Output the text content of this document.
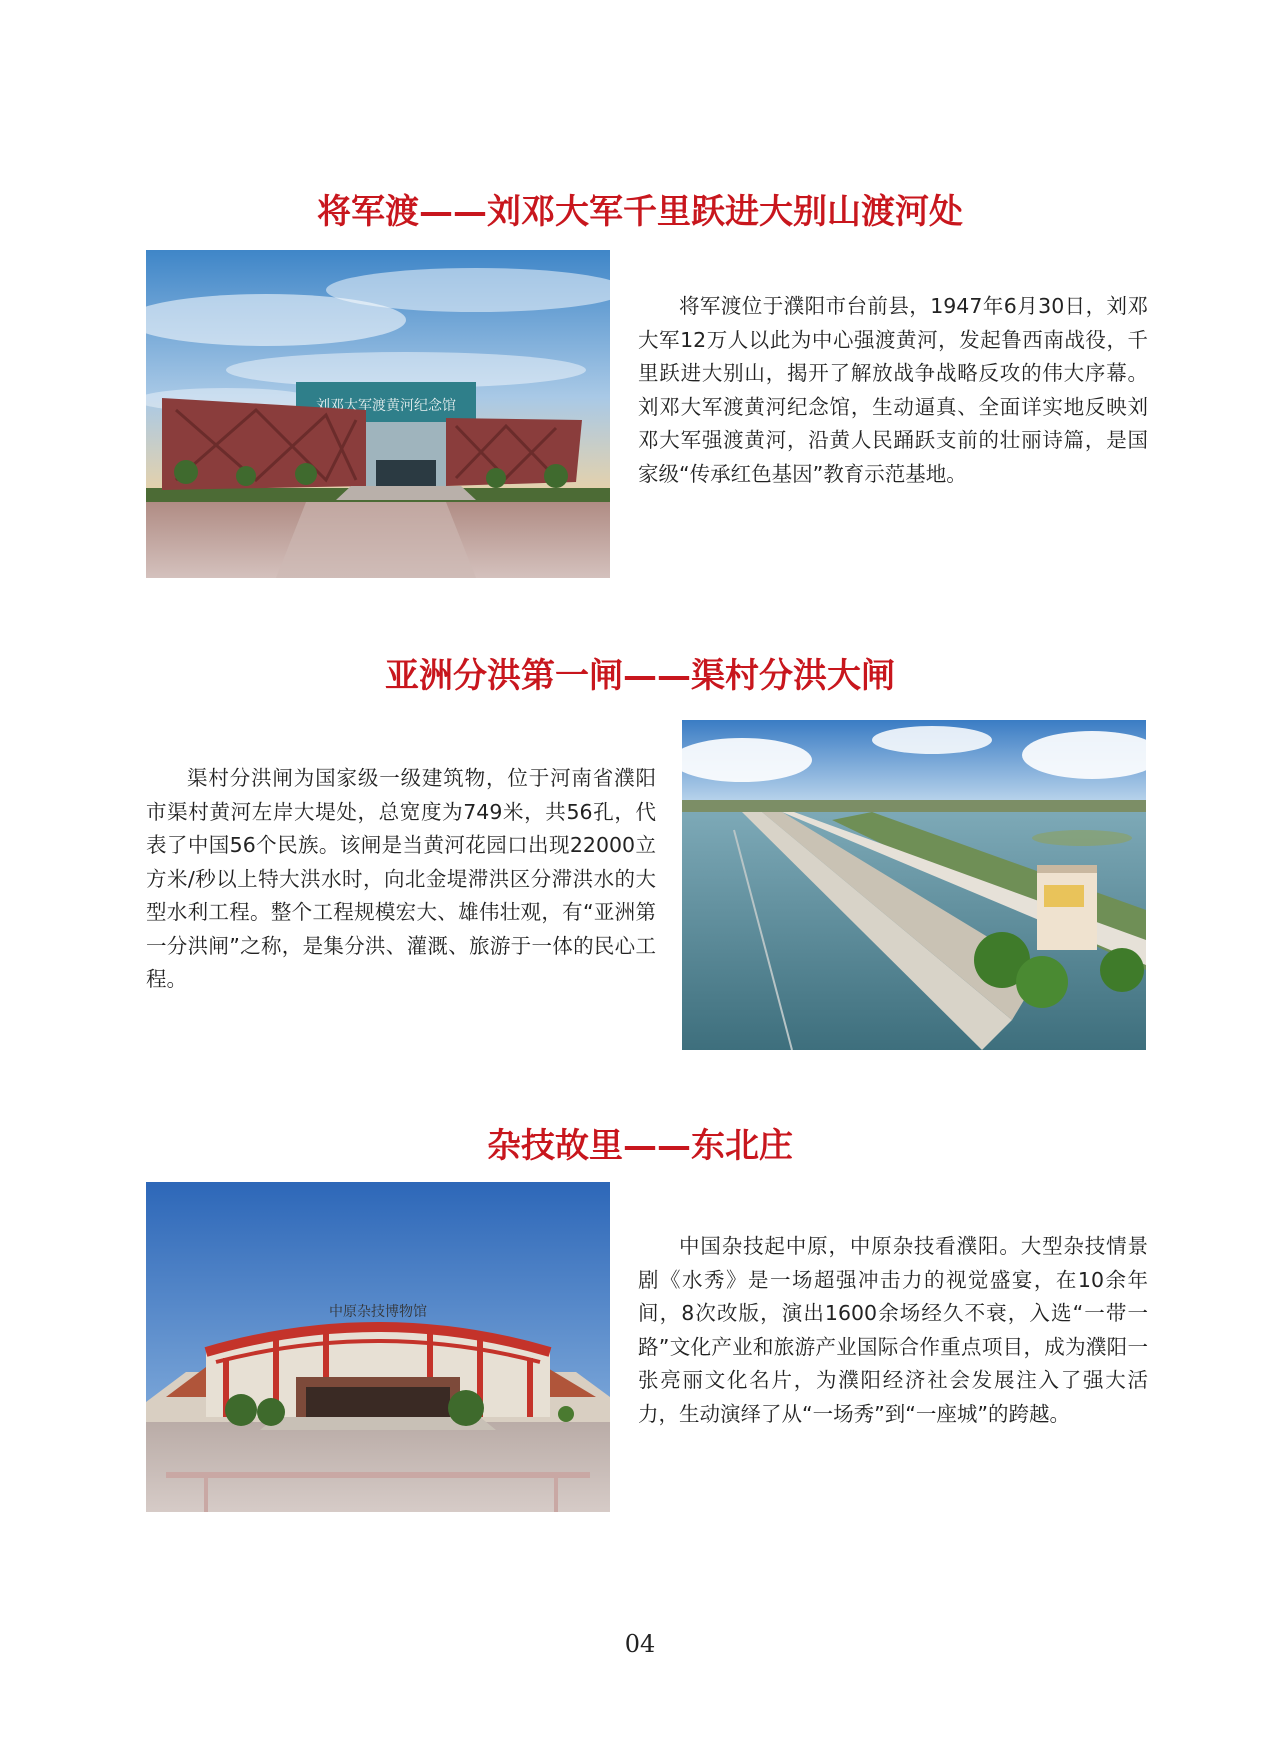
将军渡——刘邓大军千里跃进大别山渡河处
刘邓大军渡黄河纪念馆

将军渡位于濮阳市台前县，1947年6月30日，刘邓大军12万人以此为中心强渡黄河，发起鲁西南战役，千里跃进大别山，揭开了解放战争战略反攻的伟大序幕。刘邓大军渡黄河纪念馆，生动逼真、全面详实地反映刘邓大军强渡黄河，沿黄人民踊跃支前的壮丽诗篇，是国家级“传承红色基因”教育示范基地。

亚洲分洪第一闸——渠村分洪大闸

渠村分洪闸为国家级一级建筑物，位于河南省濮阳市渠村黄河左岸大堤处，总宽度为749米，共56孔，代表了中国56个民族。该闸是当黄河花园口出现22000立方米/秒以上特大洪水时，向北金堤滞洪区分滞洪水的大型水利工程。整个工程规模宏大、雄伟壮观，有“亚洲第一分洪闸”之称，是集分洪、灌溉、旅游于一体的民心工程。

杂技故里——东北庄
中原杂技博物馆

中国杂技起中原，中原杂技看濮阳。大型杂技情景剧《水秀》是一场超强冲击力的视觉盛宴，在10余年间，8次改版，演出1600余场经久不衰，入选“一带一路”文化产业和旅游产业国际合作重点项目，成为濮阳一张亮丽文化名片，为濮阳经济社会发展注入了强大活力，生动演绎了从“一场秀”到“一座城”的跨越。

04
